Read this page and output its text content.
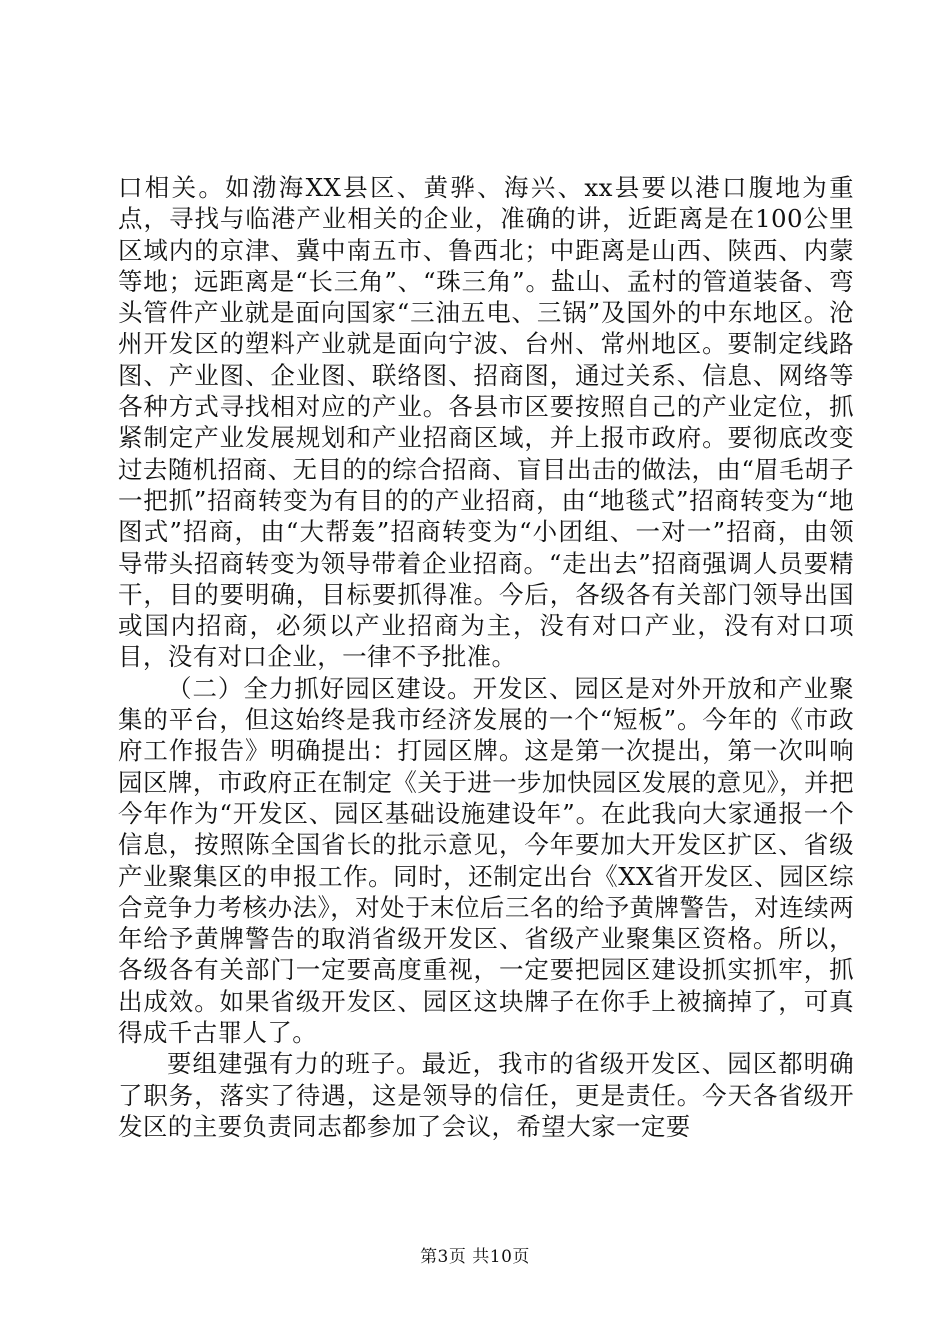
口相关。如渤海XX县区、黄骅、海兴、xx县要以港口腹地为重点，寻找与临港产业相关的企业，准确的讲，近距离是在100公里区域内的京津、冀中南五市、鲁西北；中距离是山西、陕西、内蒙等地；远距离是“长三角”、“珠三角”。盐山、孟村的管道装备、弯头管件产业就是面向国家“三油五电、三锅”及国外的中东地区。沧州开发区的塑料产业就是面向宁波、台州、常州地区。要制定线路图、产业图、企业图、联络图、招商图，通过关系、信息、网络等各种方式寻找相对应的产业。各县市区要按照自己的产业定位，抓紧制定产业发展规划和产业招商区域，并上报市政府。要彻底改变过去随机招商、无目的的综合招商、盲目出击的做法，由“眉毛胡子一把抓”招商转变为有目的的产业招商，由“地毯式”招商转变为“地图式”招商，由“大帮轰”招商转变为“小团组、一对一”招商，由领导带头招商转变为领导带着企业招商。“走出去”招商强调人员要精干，目的要明确，目标要抓得准。今后，各级各有关部门领导出国或国内招商，必须以产业招商为主，没有对口产业，没有对口项目，没有对口企业，一律不予批准。

（二）全力抓好园区建设。开发区、园区是对外开放和产业聚集的平台，但这始终是我市经济发展的一个“短板”。今年的《市政府工作报告》明确提出：打园区牌。这是第一次提出，第一次叫响园区牌，市政府正在制定《关于进一步加快园区发展的意见》，并把今年作为“开发区、园区基础设施建设年”。在此我向大家通报一个信息，按照陈全国省长的批示意见，今年要加大开发区扩区、省级产业聚集区的申报工作。同时，还制定出台《XX省开发区、园区综合竞争力考核办法》，对处于末位后三名的给予黄牌警告，对连续两年给予黄牌警告的取消省级开发区、省级产业聚集区资格。所以，各级各有关部门一定要高度重视，一定要把园区建设抓实抓牢，抓出成效。如果省级开发区、园区这块牌子在你手上被摘掉了，可真得成千古罪人了。

要组建强有力的班子。最近，我市的省级开发区、园区都明确了职务，落实了待遇，这是领导的信任，更是责任。今天各省级开发区的主要负责同志都参加了会议，希望大家一定要

第3页 共10页
